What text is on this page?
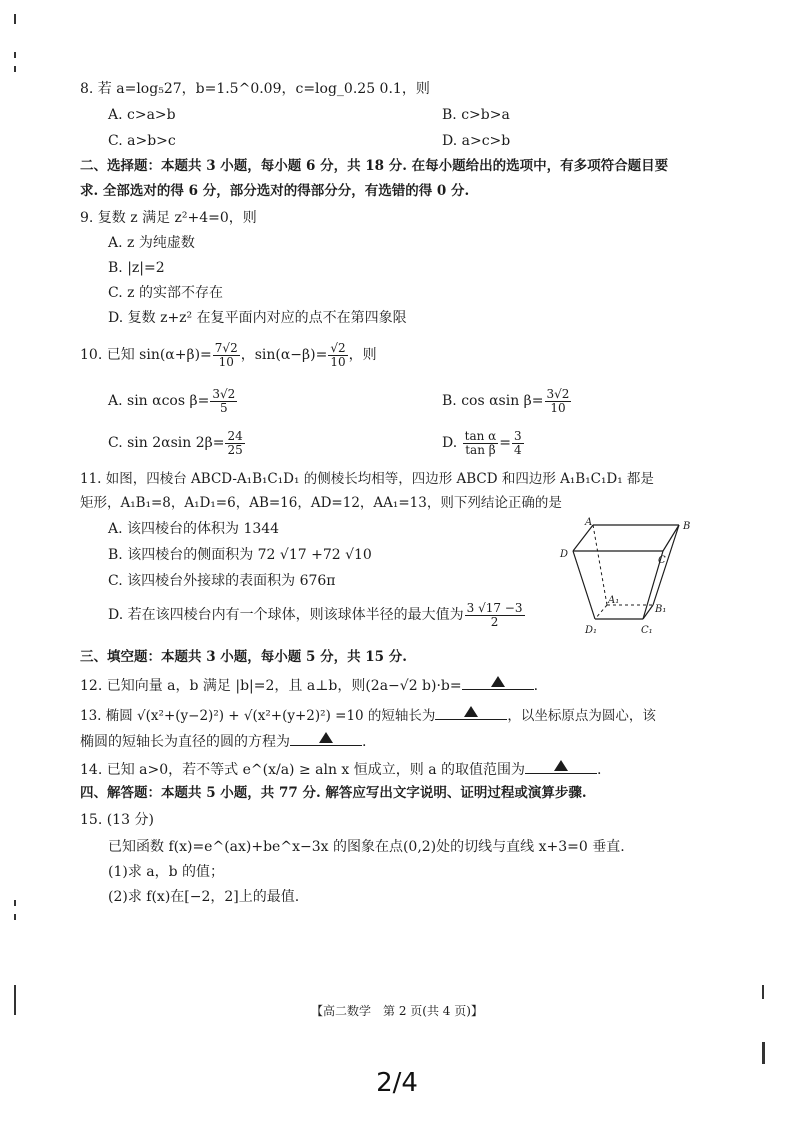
8. 若 a=log₅27，b=1.5^0.09，c=log_0.25 0.1，则
A. c>a>b	B. c>b>a
C. a>b>c	D. a>c>b
二、选择题：本题共 3 小题，每小题 6 分，共 18 分. 在每小题给出的选项中，有多项符合题目要
求. 全部选对的得 6 分，部分选对的得部分分，有选错的得 0 分.
9. 复数 z 满足 z²+4=0，则
A. z 为纯虚数
B. |z|=2
C. z 的实部不存在
D. 复数 z+z² 在复平面内对应的点不在第四象限
10. 已知 $\sin(\alpha+\beta)= \frac{7√2}{10}$ ，$\sin(\alpha-\beta)= \frac{√2}{10}$ ，则
A. sin αcos $\beta= \frac{3√2}{5}$	B. cos αsin $\beta= \frac{3√2}{10}$
C. sin 2αsin $2\beta= \frac{24}{25}$	D. $\frac{\text{tan α}}{\text{tan β}} = \frac{3}{4}$
11. 如图，四棱台 ABCD-A₁B₁C₁D₁ 的侧棱长均相等，四边形 ABCD 和四边形 A₁B₁C₁D₁ 都是
矩形，A₁B₁=8，A₁D₁=6，AB=16，AD=12，AA₁=13，则下列结论正确的是
A. 该四棱台的体积为 1344
B. 该四棱台的侧面积为 72 √17 +72 √10
C. 该四棱台外接球的表面积为 676π
D. 若在该四棱台内有一个球体，则该球体半径的最大值为 $\frac{3 √17 -3}{2}$
A	B
C
D
A₁
B₁
C₁
D₁
三、填空题：本题共 3 小题，每小题 5 分，共 15 分.
12. 已知向量 a，b 满足 |b|=2，且 a⊥b，则(2a−√2 b)·b=	.
13. 椭圆 √(x²+(y−2)²) + √(x²+(y+2)²) =10 的短轴长为	，以坐标原点为圆心，该
椭圆的短轴长为直径的圆的方程为	.
14. 已知 a>0，若不等式 e^(x/a) ≥ aln x 恒成立，则 a 的取值范围为	.
四、解答题：本题共 5 小题，共 77 分. 解答应写出文字说明、证明过程或演算步骤.
15. (13 分)
已知函数 f(x)=e^(ax)+be^x−3x 的图象在点(0,2)处的切线与直线 x+3=0 垂直.
(1)求 a，b 的值；
(2)求 f(x)在[−2，2]上的最值.
【高二数学　第 2 页(共 4 页)】
2/4
